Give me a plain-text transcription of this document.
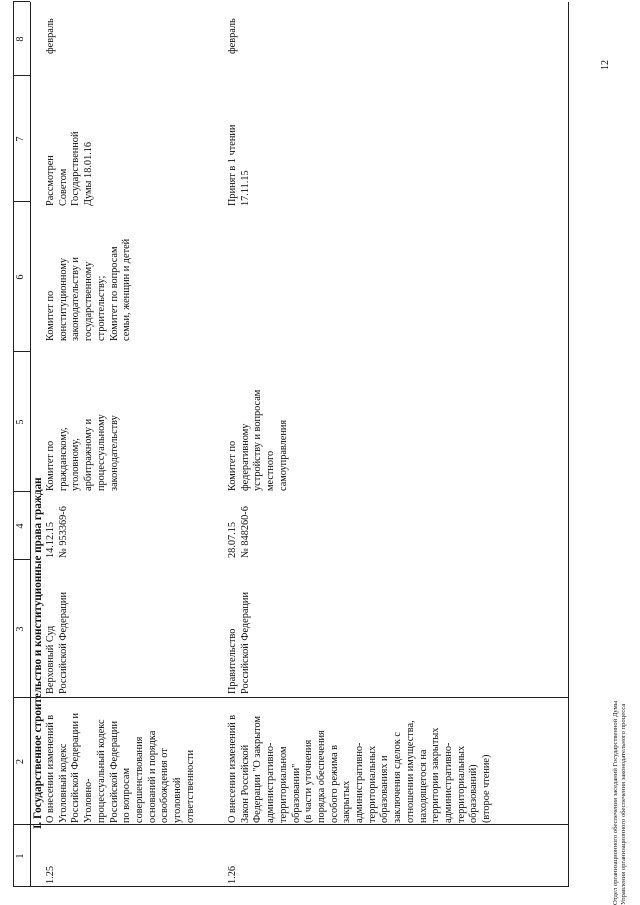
12
Отдел организационного обеспечения заседаний Государственной Думы
Управления организационного обеспечения законодательного процесса
1
2
3
4
5
6
7
8
I. Государственное строительство и конституционные права граждан
1.25
О внесении изменений в
Уголовный кодекс
Российской Федерации и
Уголовно-
процессуальный кодекс
Российской Федерации
по вопросам
совершенствования
оснований и порядка
освобождения от
уголовной
ответственности
Верховный Суд
Российской Федерации
14.12.15
№ 953369-6
Комитет по
гражданскому,
уголовному,
арбитражному и
процессуальному
законодательству
Комитет по
конституционному
законодательству и
государственному
строительству;
Комитет по вопросам
семьи, женщин и детей
Рассмотрен
Советом
Государственной
Думы 18.01.16
февраль
1.26
О внесении изменений в
Закон Российской
Федерации "О закрытом
административно-
территориальном
образовании"
(в части уточнения
порядка обеспечения
особого режима в
закрытых
административно-
территориальных
образованиях и
заключения сделок с
отношении имущества,
находящегося на
территории закрытых
административно-
территориальных
образований)
(второе чтение)
Правительство
Российской Федерации
28.07.15
№ 848260-6
Комитет по
федеративному
устройству и вопросам
местного
самоуправления
Принят в 1 чтении
17.11.15
февраль
